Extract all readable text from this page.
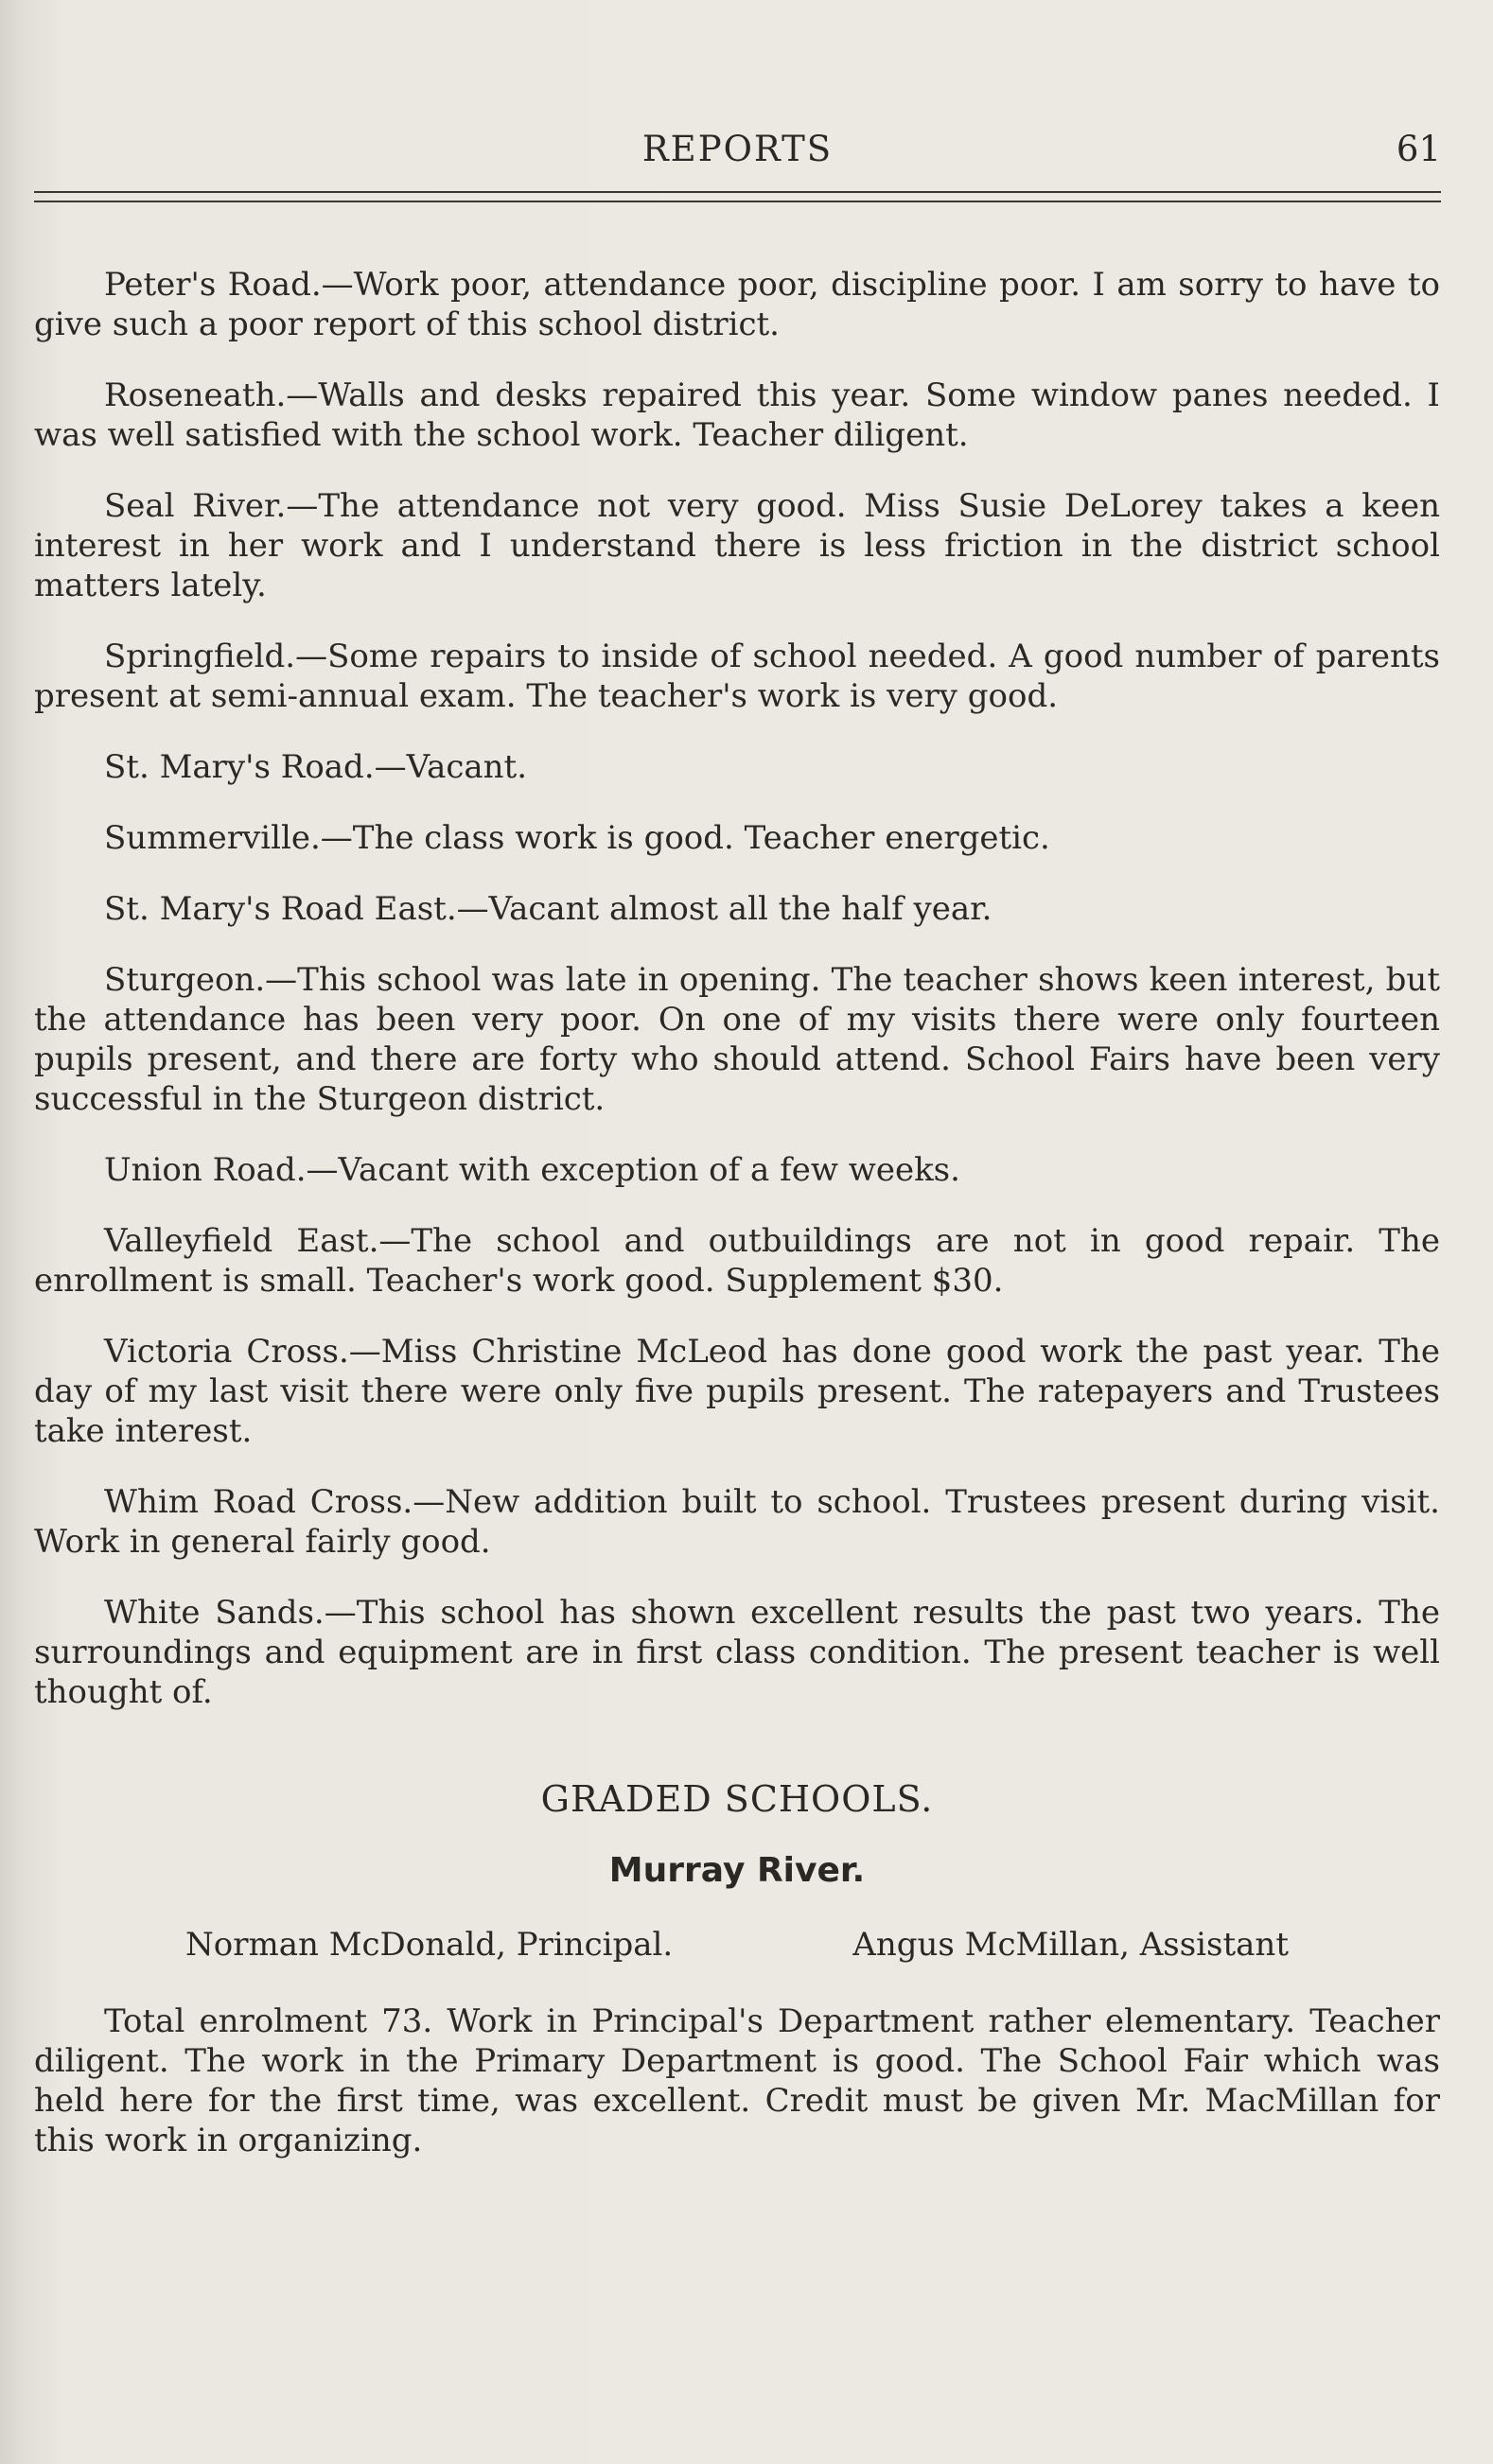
REPORTS	61

Peter's Road.—Work poor, attendance poor, discipline poor. I am sorry to have to give such a poor report of this school district.

Roseneath.—Walls and desks repaired this year. Some window panes needed. I was well satisfied with the school work. Teacher diligent.

Seal River.—The attendance not very good. Miss Susie DeLorey takes a keen interest in her work and I understand there is less friction in the district school matters lately.

Springfield.—Some repairs to inside of school needed. A good number of parents present at semi-annual exam. The teacher's work is very good.

St. Mary's Road.—Vacant.

Summerville.—The class work is good. Teacher energetic.

St. Mary's Road East.—Vacant almost all the half year.

Sturgeon.—This school was late in opening. The teacher shows keen interest, but the attendance has been very poor. On one of my visits there were only fourteen pupils present, and there are forty who should attend. School Fairs have been very successful in the Sturgeon district.

Union Road.—Vacant with exception of a few weeks.

Valleyfield East.—The school and outbuildings are not in good repair. The enrollment is small. Teacher's work good. Supplement $30.

Victoria Cross.—Miss Christine McLeod has done good work the past year. The day of my last visit there were only five pupils present. The ratepayers and Trustees take interest.

Whim Road Cross.—New addition built to school. Trustees present during visit. Work in general fairly good.

White Sands.—This school has shown excellent results the past two years. The surroundings and equipment are in first class condition. The present teacher is well thought of.

GRADED SCHOOLS.
Murray River.
Norman McDonald, Principal.	Angus McMillan, Assistant

Total enrolment 73. Work in Principal's Department rather elementary. Teacher diligent. The work in the Primary Department is good. The School Fair which was held here for the first time, was excellent. Credit must be given Mr. MacMillan for this work in organizing.
